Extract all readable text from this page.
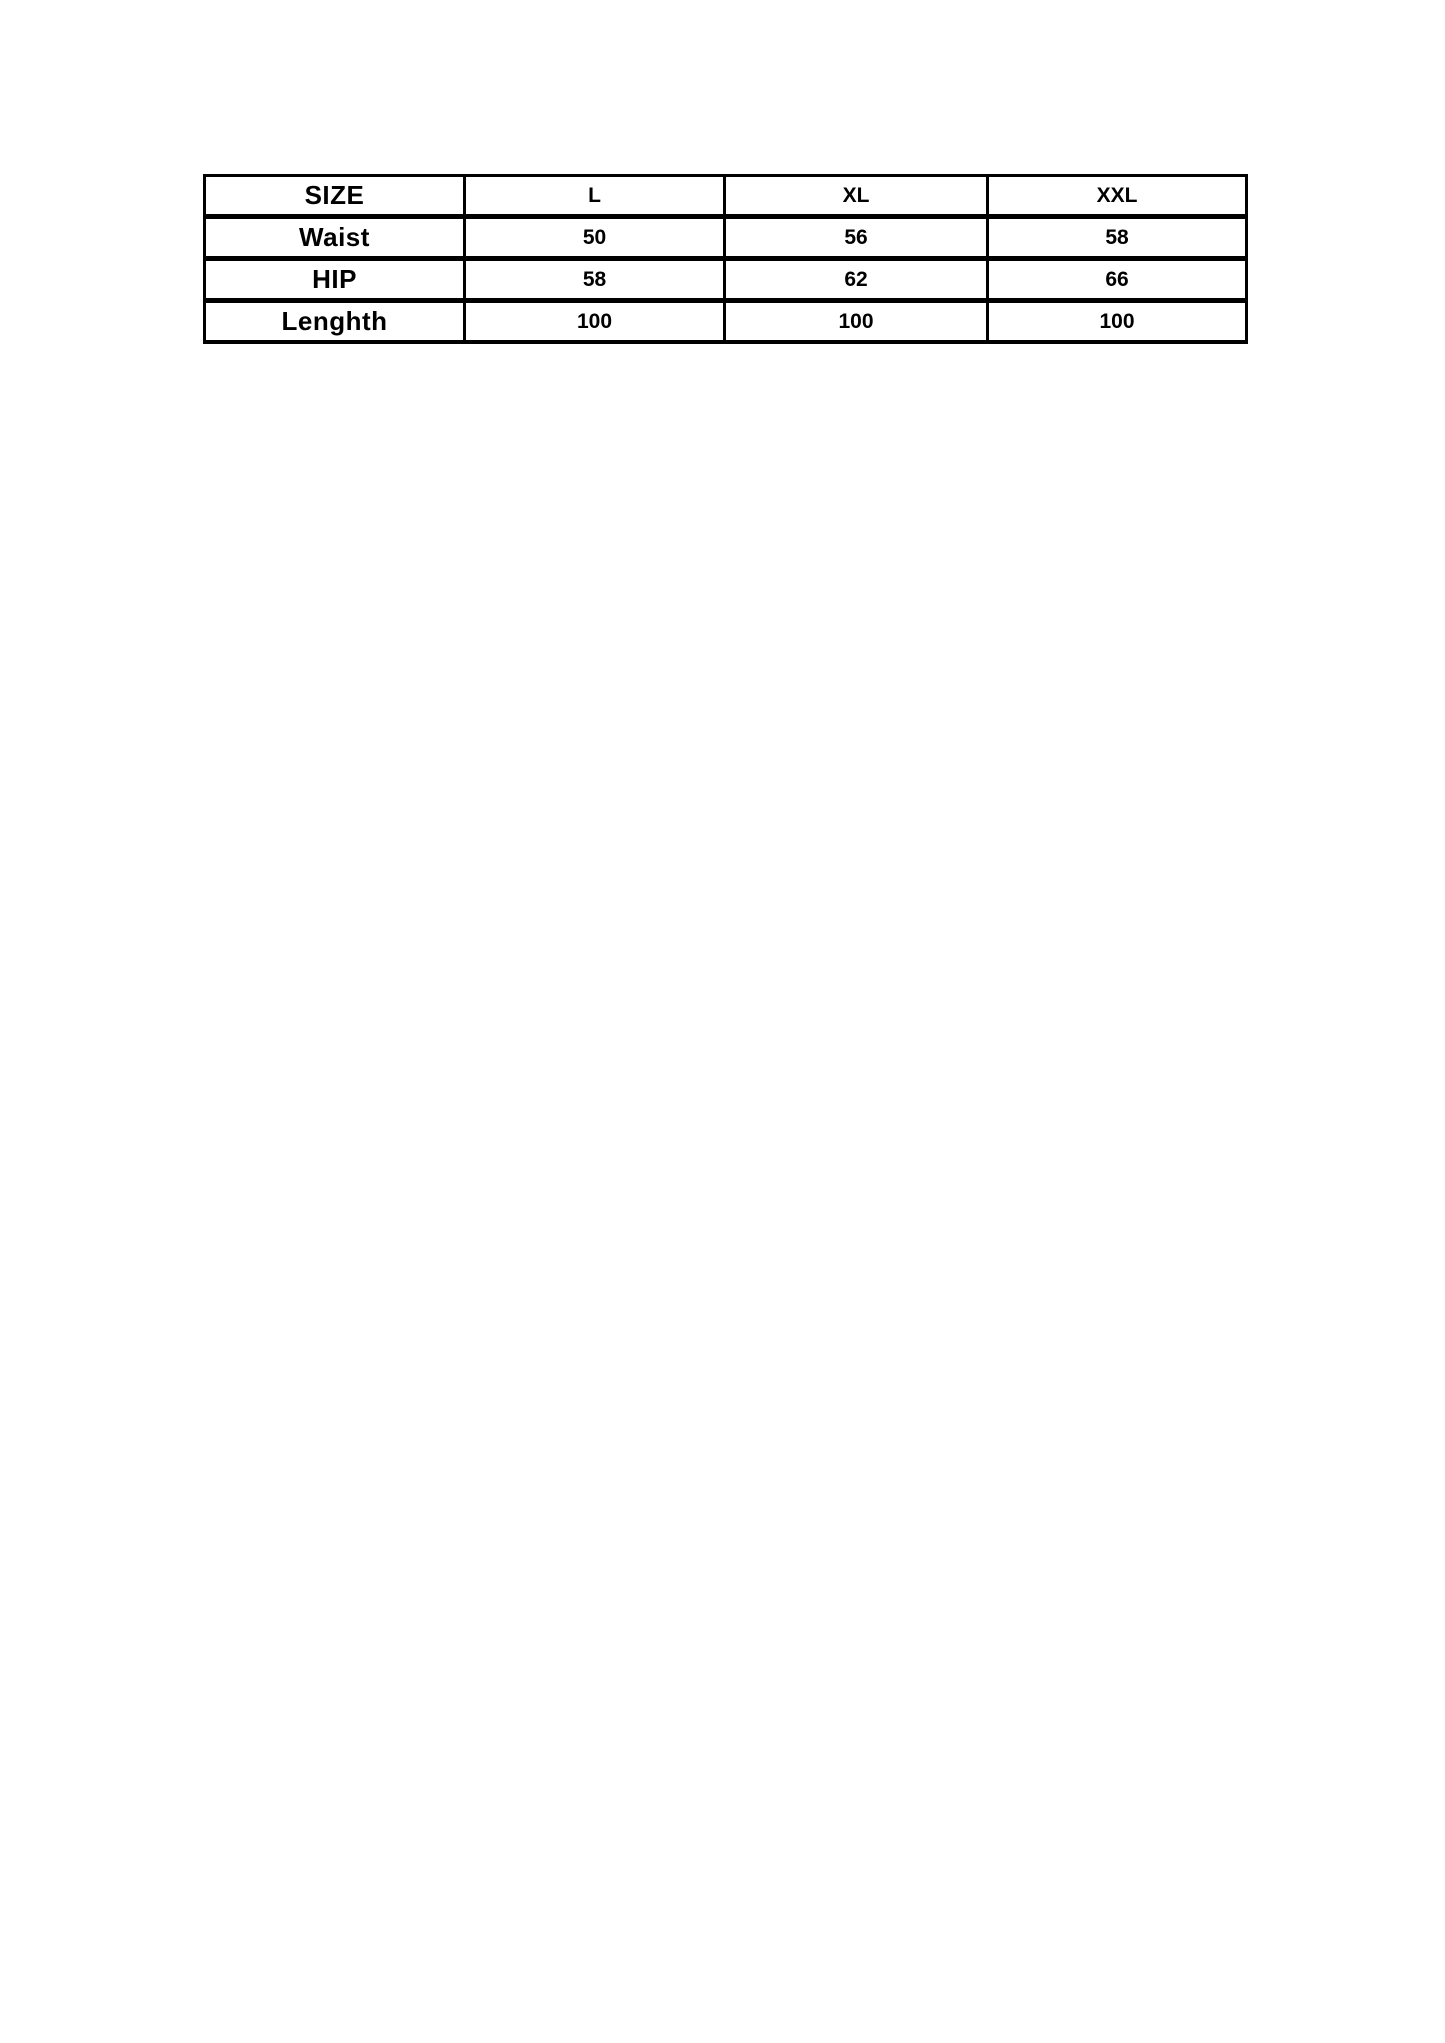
SIZE	L	XL	XXL
Waist	50	56	58
HIP	58	62	66
Lenghth	100	100	100
